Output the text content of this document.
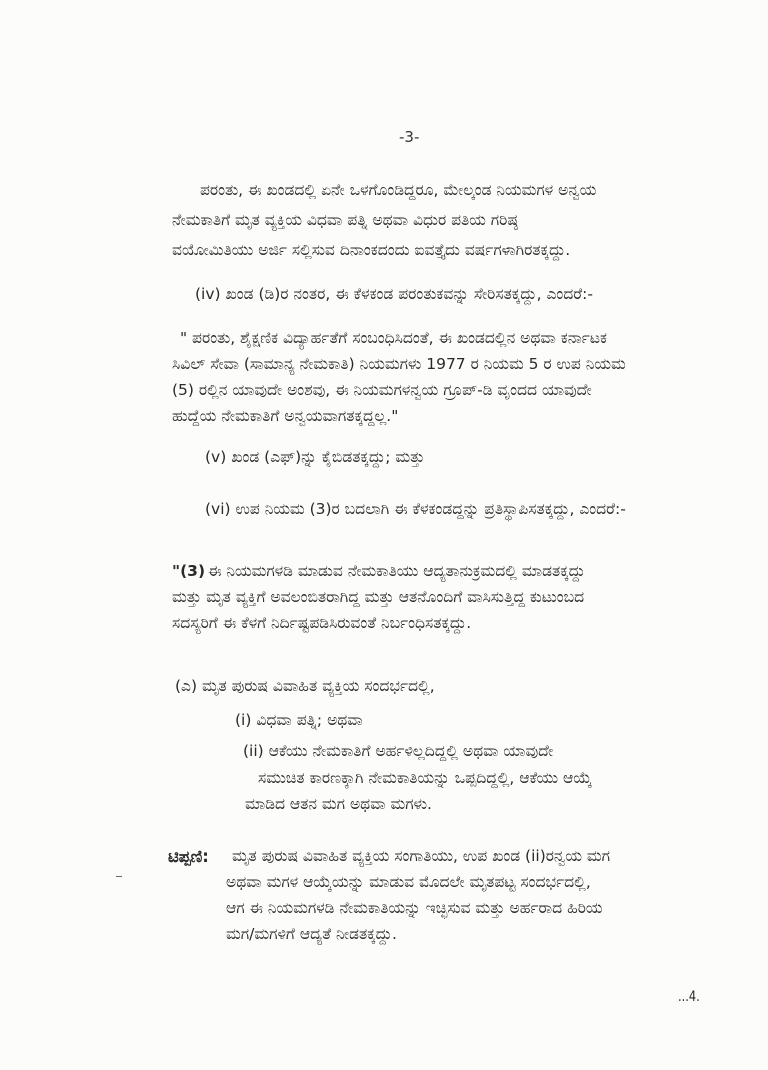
-3-
ಪರಂತು, ಈ ಖಂಡದಲ್ಲಿ ಏನೇ ಒಳಗೊಂಡಿದ್ದರೂ, ಮೇಲ್ಕಂಡ ನಿಯಮಗಳ ಅನ್ವಯ
ನೇಮಕಾತಿಗೆ ಮೃತ ವ್ಯಕ್ತಿಯ ವಿಧವಾ ಪತ್ನಿ ಅಥವಾ ವಿಧುರ ಪತಿಯ ಗರಿಷ್ಠ
ವಯೋಮಿತಿಯು ಅರ್ಜಿ ಸಲ್ಲಿಸುವ ದಿನಾಂಕದಂದು ಐವತ್ತೈದು ವರ್ಷಗಳಾಗಿರತಕ್ಕದ್ದು.
(iv) ಖಂಡ (ಡಿ)ರ ನಂತರ, ಈ ಕೆಳಕಂಡ ಪರಂತುಕವನ್ನು ಸೇರಿಸತಕ್ಕದ್ದು, ಎಂದರೆ:-
" ಪರಂತು, ಶೈಕ್ಷಣಿಕ ವಿದ್ಯಾರ್ಹತೆಗೆ ಸಂಬಂಧಿಸಿದಂತೆ, ಈ ಖಂಡದಲ್ಲಿನ ಅಥವಾ ಕರ್ನಾಟಕ
ಸಿವಿಲ್ ಸೇವಾ (ಸಾಮಾನ್ಯ ನೇಮಕಾತಿ) ನಿಯಮಗಳು 1977 ರ ನಿಯಮ 5 ರ ಉಪ ನಿಯಮ
(5) ರಲ್ಲಿನ ಯಾವುದೇ ಅಂಶವು, ಈ ನಿಯಮಗಳನ್ವಯ ಗ್ರೂಪ್-ಡಿ ವೃಂದದ ಯಾವುದೇ
ಹುದ್ದೆಯ ನೇಮಕಾತಿಗೆ ಅನ್ವಯವಾಗತಕ್ಕದ್ದಲ್ಲ."
(v) ಖಂಡ (ಎಫ್)ನ್ನು ಕೈಬಿಡತಕ್ಕದ್ದು; ಮತ್ತು
(vi) ಉಪ ನಿಯಮ (3)ರ ಬದಲಾಗಿ ಈ ಕೆಳಕಂಡದ್ದನ್ನು ಪ್ರತಿಸ್ಥಾಪಿಸತಕ್ಕದ್ದು, ಎಂದರೆ:-
"(3) ಈ ನಿಯಮಗಳಡಿ ಮಾಡುವ ನೇಮಕಾತಿಯು ಆದ್ಯತಾನುಕ್ರಮದಲ್ಲಿ ಮಾಡತಕ್ಕದ್ದು
ಮತ್ತು ಮೃತ ವ್ಯಕ್ತಿಗೆ ಅವಲಂಬಿತರಾಗಿದ್ದ ಮತ್ತು ಆತನೊಂದಿಗೆ ವಾಸಿಸುತ್ತಿದ್ದ ಕುಟುಂಬದ
ಸದಸ್ಯರಿಗೆ ಈ ಕೆಳಗೆ ನಿರ್ದಿಷ್ಟಪಡಿಸಿರುವಂತೆ ನಿರ್ಬಂಧಿಸತಕ್ಕದ್ದು.
(ಎ) ಮೃತ ಪುರುಷ ವಿವಾಹಿತ ವ್ಯಕ್ತಿಯ ಸಂದರ್ಭದಲ್ಲಿ,
(i) ವಿಧವಾ ಪತ್ನಿ; ಅಥವಾ
(ii) ಆಕೆಯು ನೇಮಕಾತಿಗೆ ಅರ್ಹಳಿಲ್ಲದಿದ್ದಲ್ಲಿ ಅಥವಾ ಯಾವುದೇ
ಸಮುಚಿತ ಕಾರಣಕ್ಕಾಗಿ ನೇಮಕಾತಿಯನ್ನು ಒಪ್ಪದಿದ್ದಲ್ಲಿ, ಆಕೆಯು ಆಯ್ಕೆ
ಮಾಡಿದ ಆತನ ಮಗ ಅಥವಾ ಮಗಳು.
ಟಿಪ್ಪಣಿ: ಮೃತ ಪುರುಷ ವಿವಾಹಿತ ವ್ಯಕ್ತಿಯ ಸಂಗಾತಿಯು, ಉಪ ಖಂಡ (ii)ರನ್ವಯ ಮಗ
ಅಥವಾ ಮಗಳ ಆಯ್ಕೆಯನ್ನು ಮಾಡುವ ಮೊದಲೇ ಮೃತಪಟ್ಟ ಸಂದರ್ಭದಲ್ಲಿ,
ಆಗ ಈ ನಿಯಮಗಳಡಿ ನೇಮಕಾತಿಯನ್ನು ಇಚ್ಛಿಸುವ ಮತ್ತು ಅರ್ಹರಾದ ಹಿರಿಯ
ಮಗ/ಮಗಳಿಗೆ ಆದ್ಯತೆ ನೀಡತಕ್ಕದ್ದು.
...4.
